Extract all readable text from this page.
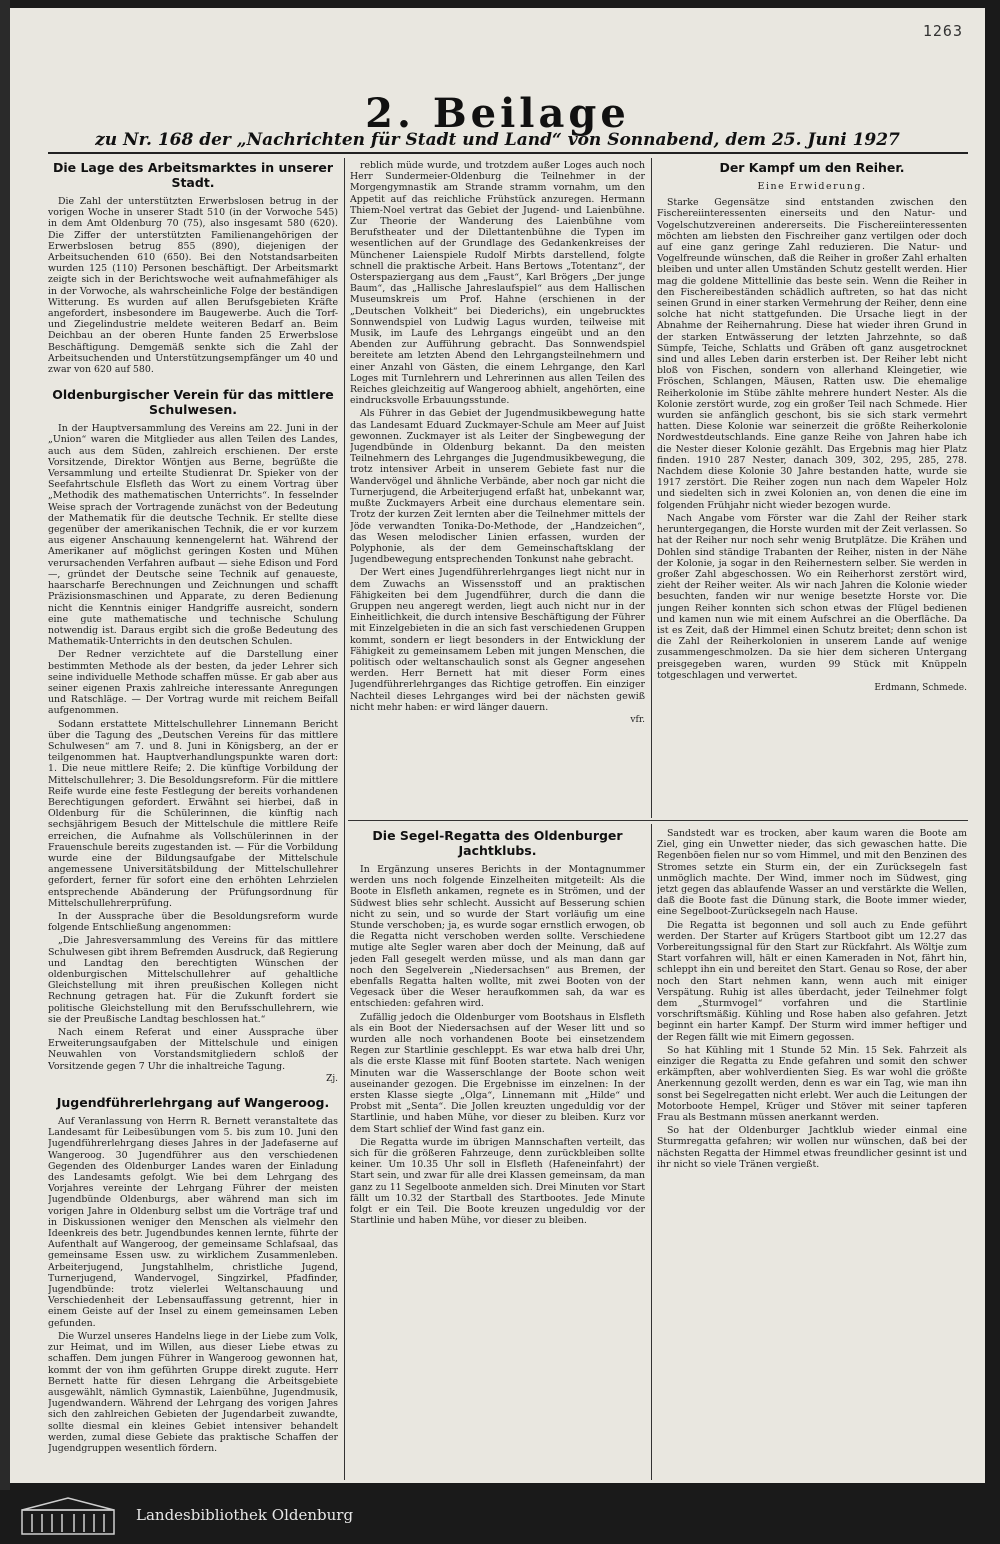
1263
2. Beilage
zu Nr. 168 der „Nachrichten für Stadt und Land“ von Sonnabend, dem 25. Juni 1927
Die Lage des Arbeitsmarktes in unserer Stadt.

Die Zahl der unterstützten Erwerbslosen betrug in der vorigen Woche in unserer Stadt 510 (in der Vorwoche 545) in dem Amt Oldenburg 70 (75), also insgesamt 580 (620). Die Ziffer der unterstützten Familienangehörigen der Erwerbslosen betrug 855 (890), diejenigen der Arbeitsuchenden 610 (650). Bei den Notstandsarbeiten wurden 125 (110) Personen beschäftigt. Der Arbeitsmarkt zeigte sich in der Berichtswoche weit aufnahmefähiger als in der Vorwoche, als wahrscheinliche Folge der beständigen Witterung. Es wurden auf allen Berufsgebieten Kräfte angefordert, insbesondere im Baugewerbe. Auch die Torf- und Ziegelindustrie meldete weiteren Bedarf an. Beim Deichbau an der oberen Hunte fanden 25 Erwerbslose Beschäftigung. Demgemäß senkte sich die Zahl der Arbeitsuchenden und Unterstützungsempfänger um 40 und zwar von 620 auf 580.

Oldenburgischer Verein für das mittlere Schulwesen.

In der Hauptversammlung des Vereins am 22. Juni in der „Union“ waren die Mitglieder aus allen Teilen des Landes, auch aus dem Süden, zahlreich erschienen. Der erste Vorsitzende, Direktor Wöntjen aus Berne, begrüßte die Versammlung und erteilte Studienrat Dr. Spieker von der Seefahrtschule Elsfleth das Wort zu einem Vortrag über „Methodik des mathematischen Unterrichts“. In fesselnder Weise sprach der Vortragende zunächst von der Bedeutung der Mathematik für die deutsche Technik. Er stellte diese gegenüber der amerikanischen Technik, die er vor kurzem aus eigener Anschauung kennengelernt hat. Während der Amerikaner auf möglichst geringen Kosten und Mühen verursachenden Verfahren aufbaut — siehe Edison und Ford —, gründet der Deutsche seine Technik auf genaueste, haarscharfe Berechnungen und Zeichnungen und schafft Präzisionsmaschinen und Apparate, zu deren Bedienung nicht die Kenntnis einiger Handgriffe ausreicht, sondern eine gute mathematische und technische Schulung notwendig ist. Daraus ergibt sich die große Bedeutung des Mathematik-Unterrichts in den deutschen Schulen.

Der Redner verzichtete auf die Darstellung einer bestimmten Methode als der besten, da jeder Lehrer sich seine individuelle Methode schaffen müsse. Er gab aber aus seiner eigenen Praxis zahlreiche interessante Anregungen und Ratschläge. — Der Vortrag wurde mit reichem Beifall aufgenommen.

Sodann erstattete Mittelschullehrer Linnemann Bericht über die Tagung des „Deutschen Vereins für das mittlere Schulwesen“ am 7. und 8. Juni in Königsberg, an der er teilgenommen hat. Hauptverhandlungspunkte waren dort: 1. Die neue mittlere Reife; 2. Die künftige Vorbildung der Mittelschullehrer; 3. Die Besoldungsreform. Für die mittlere Reife wurde eine feste Festlegung der bereits vorhandenen Berechtigungen gefordert. Erwähnt sei hierbei, daß in Oldenburg für die Schülerinnen, die künftig nach sechsjährigem Besuch der Mittelschule die mittlere Reife erreichen, die Aufnahme als Vollschülerinnen in der Frauenschule bereits zugestanden ist. — Für die Vorbildung wurde eine der Bildungsaufgabe der Mittelschule angemessene Universitätsbildung der Mittelschullehrer gefordert, ferner für sofort eine den erhöhten Lehrzielen entsprechende Abänderung der Prüfungsordnung für Mittelschullehrerprüfung.

In der Aussprache über die Besoldungsreform wurde folgende Entschließung angenommen:

„Die Jahresversammlung des Vereins für das mittlere Schulwesen gibt ihrem Befremden Ausdruck, daß Regierung und Landtag den berechtigten Wünschen der oldenburgischen Mittelschullehrer auf gehaltliche Gleichstellung mit ihren preußischen Kollegen nicht Rechnung getragen hat. Für die Zukunft fordert sie politische Gleichstellung mit den Berufsschullehrern, wie sie der Preußische Landtag beschlossen hat.“

Nach einem Referat und einer Aussprache über Erweiterungsaufgaben der Mittelschule und einigen Neuwahlen von Vorstandsmitgliedern schloß der Vorsitzende gegen 7 Uhr die inhaltreiche Tagung.

Zj.
Jugendführerlehrgang auf Wangeroog.

Auf Veranlassung von Herrn R. Bernett veranstaltete das Landesamt für Leibesübungen vom 5. bis zum 10. Juni den Jugendführerlehrgang dieses Jahres in der Jadefaserne auf Wangeroog. 30 Jugendführer aus den verschiedenen Gegenden des Oldenburger Landes waren der Einladung des Landesamts gefolgt. Wie bei dem Lehrgang des Vorjahres vereinte der Lehrgang Führer der meisten Jugendbünde Oldenburgs, aber während man sich im vorigen Jahre in Oldenburg selbst um die Vorträge traf und in Diskussionen weniger den Menschen als vielmehr den Ideenkreis des betr. Jugendbundes kennen lernte, führte der Aufenthalt auf Wangeroog, der gemeinsame Schlafsaal, das gemeinsame Essen usw. zu wirklichem Zusammenleben. Arbeiterjugend, Jungstahlhelm, christliche Jugend, Turnerjugend, Wandervogel, Singzirkel, Pfadfinder, Jugendbünde: trotz vielerlei Weltanschauung und Verschiedenheit der Lebensauffassung getrennt, hier in einem Geiste auf der Insel zu einem gemeinsamen Leben gefunden.

Die Wurzel unseres Handelns liege in der Liebe zum Volk, zur Heimat, und im Willen, aus dieser Liebe etwas zu schaffen. Dem jungen Führer in Wangeroog gewonnen hat, kommt der von ihm geführten Gruppe direkt zugute. Herr Bernett hatte für diesen Lehrgang die Arbeitsgebiete ausgewählt, nämlich Gymnastik, Laienbühne, Jugendmusik, Jugendwandern. Während der Lehrgang des vorigen Jahres sich den zahlreichen Gebieten der Jugendarbeit zuwandte, sollte diesmal ein kleines Gebiet intensiver behandelt werden, zumal diese Gebiete das praktische Schaffen der Jugendgruppen wesentlich fördern.

reblich müde wurde, und trotzdem außer Loges auch noch Herr Sundermeier-Oldenburg die Teilnehmer in der Morgengymnastik am Strande stramm vornahm, um den Appetit auf das reichliche Frühstück anzuregen. Hermann Thiem-Noel vertrat das Gebiet der Jugend- und Laienbühne. Zur Theorie der Wanderung des Laienbühne vom Berufstheater und der Dilettantenbühne die Typen im wesentlichen auf der Grundlage des Gedankenkreises der Münchener Laienspiele Rudolf Mirbts darstellend, folgte schnell die praktische Arbeit. Hans Bertows „Totentanz“, der Osterspaziergang aus dem „Faust“, Karl Brögers „Der junge Baum“, das „Hallische Jahreslaufspiel“ aus dem Hallischen Museumskreis um Prof. Hahne (erschienen in der „Deutschen Volkheit“ bei Diederichs), ein ungebrucktes Sonnwendspiel von Ludwig Lagus wurden, teilweise mit Musik, im Laufe des Lehrgangs eingeübt und an den Abenden zur Aufführung gebracht. Das Sonnwendspiel bereitete am letzten Abend den Lehrgangsteilnehmern und einer Anzahl von Gästen, die einem Lehrgange, den Karl Loges mit Turnlehrern und Lehrerinnen aus allen Teilen des Reiches gleichzeitig auf Wangeroog abhielt, angehörten, eine eindrucksvolle Erbauungsstunde.

Als Führer in das Gebiet der Jugendmusikbewegung hatte das Landesamt Eduard Zuckmayer-Schule am Meer auf Juist gewonnen. Zuckmayer ist als Leiter der Singbewegung der Jugendbünde in Oldenburg bekannt. Da den meisten Teilnehmern des Lehrganges die Jugendmusikbewegung, die trotz intensiver Arbeit in unserem Gebiete fast nur die Wandervögel und ähnliche Verbände, aber noch gar nicht die Turnerjugend, die Arbeiterjugend erfaßt hat, unbekannt war, mußte Zuckmayers Arbeit eine durchaus elementare sein. Trotz der kurzen Zeit lernten aber die Teilnehmer mittels der Jöde verwandten Tonika-Do-Methode, der „Handzeichen“, das Wesen melodischer Linien erfassen, wurden der Polyphonie, als der dem Gemeinschaftsklang der Jugendbewegung entsprechenden Tonkunst nahe gebracht.

Der Wert eines Jugendführerlehrganges liegt nicht nur in dem Zuwachs an Wissensstoff und an praktischen Fähigkeiten bei dem Jugendführer, durch die dann die Gruppen neu angeregt werden, liegt auch nicht nur in der Einheitlichkeit, die durch intensive Beschäftigung der Führer mit Einzelgebieten in die an sich fast verschiedenen Gruppen kommt, sondern er liegt besonders in der Entwicklung der Fähigkeit zu gemeinsamem Leben mit jungen Menschen, die politisch oder weltanschaulich sonst als Gegner angesehen werden. Herr Bernett hat mit dieser Form eines Jugendführerlehrganges das Richtige getroffen. Ein einziger Nachteil dieses Lehrganges wird bei der nächsten gewiß nicht mehr haben: er wird länger dauern.

vfr.
Der Kampf um den Reiher.
Eine Erwiderung.

Starke Gegensätze sind entstanden zwischen den Fischereiinteressenten einerseits und den Natur- und Vogelschutzvereinen andererseits. Die Fischereiinteressenten möchten am liebsten den Fischreiher ganz vertilgen oder doch auf eine ganz geringe Zahl reduzieren. Die Natur- und Vogelfreunde wünschen, daß die Reiher in großer Zahl erhalten bleiben und unter allen Umständen Schutz gestellt werden. Hier mag die goldene Mittellinie das beste sein. Wenn die Reiher in den Fischereibeständen schädlich auftreten, so hat das nicht seinen Grund in einer starken Vermehrung der Reiher, denn eine solche hat nicht stattgefunden. Die Ursache liegt in der Abnahme der Reihernahrung. Diese hat wieder ihren Grund in der starken Entwässerung der letzten Jahrzehnte, so daß Sümpfe, Teiche, Schlatts und Gräben oft ganz ausgetrocknet sind und alles Leben darin ersterben ist. Der Reiher lebt nicht bloß von Fischen, sondern von allerhand Kleingetier, wie Fröschen, Schlangen, Mäusen, Ratten usw. Die ehemalige Reiherkolonie im Stübe zählte mehrere hundert Nester. Als die Kolonie zerstört wurde, zog ein großer Teil nach Schmede. Hier wurden sie anfänglich geschont, bis sie sich stark vermehrt hatten. Diese Kolonie war seinerzeit die größte Reiherkolonie Nordwestdeutschlands. Eine ganze Reihe von Jahren habe ich die Nester dieser Kolonie gezählt. Das Ergebnis mag hier Platz finden. 1910 287 Nester, danach 309, 302, 295, 285, 278. Nachdem diese Kolonie 30 Jahre bestanden hatte, wurde sie 1917 zerstört. Die Reiher zogen nun nach dem Wapeler Holz und siedelten sich in zwei Kolonien an, von denen die eine im folgenden Frühjahr nicht wieder bezogen wurde.

Nach Angabe vom Förster war die Zahl der Reiher stark heruntergegangen, die Horste wurden mit der Zeit verlassen. So hat der Reiher nur noch sehr wenig Brutplätze. Die Krähen und Dohlen sind ständige Trabanten der Reiher, nisten in der Nähe der Kolonie, ja sogar in den Reihernestern selber. Sie werden in großer Zahl abgeschossen. Wo ein Reiherhorst zerstört wird, zieht der Reiher weiter. Als wir nach Jahren die Kolonie wieder besuchten, fanden wir nur wenige besetzte Horste vor. Die jungen Reiher konnten sich schon etwas der Flügel bedienen und kamen nun wie mit einem Aufschrei an die Oberfläche. Da ist es Zeit, daß der Himmel einen Schutz breitet; denn schon ist die Zahl der Reiherkolonien in unserem Lande auf wenige zusammengeschmolzen. Da sie hier dem sicheren Untergang preisgegeben waren, wurden 99 Stück mit Knüppeln totgeschlagen und verwertet.

Erdmann, Schmede.
Die Segel-Regatta des Oldenburger Jachtklubs.

In Ergänzung unseres Berichts in der Montagnummer werden uns noch folgende Einzelheiten mitgeteilt: Als die Boote in Elsfleth ankamen, regnete es in Strömen, und der Südwest blies sehr schlecht. Aussicht auf Besserung schien nicht zu sein, und so wurde der Start vorläufig um eine Stunde verschoben; ja, es wurde sogar ernstlich erwogen, ob die Regatta nicht verschoben werden sollte. Verschiedene mutige alte Segler waren aber doch der Meinung, daß auf jeden Fall gesegelt werden müsse, und als man dann gar noch den Segelverein „Niedersachsen“ aus Bremen, der ebenfalls Regatta halten wollte, mit zwei Booten von der Vegesack über die Weser heraufkommen sah, da war es entschieden: gefahren wird.

Zufällig jedoch die Oldenburger vom Bootshaus in Elsfleth als ein Boot der Niedersachsen auf der Weser litt und so wurden alle noch vorhandenen Boote bei einsetzendem Regen zur Startlinie geschleppt. Es war etwa halb drei Uhr, als die erste Klasse mit fünf Booten startete. Nach wenigen Minuten war die Wasserschlange der Boote schon weit auseinander gezogen. Die Ergebnisse im einzelnen: In der ersten Klasse siegte „Olga“, Linnemann mit „Hilde“ und Probst mit „Senta“. Die Jollen kreuzten ungeduldig vor der Startlinie, und haben Mühe, vor dieser zu bleiben. Kurz vor dem Start schlief der Wind fast ganz ein.

Die Regatta wurde im übrigen Mannschaften verteilt, das sich für die größeren Fahrzeuge, denn zurückbleiben sollte keiner. Um 10.35 Uhr soll in Elsfleth (Hafeneinfahrt) der Start sein, und zwar für alle drei Klassen gemeinsam, da man ganz zu 11 Segelboote anmelden sich. Drei Minuten vor Start fällt um 10.32 der Startball des Startbootes. Jede Minute folgt er ein Teil. Die Boote kreuzen ungeduldig vor der Startlinie und haben Mühe, vor dieser zu bleiben.

Sandstedt war es trocken, aber kaum waren die Boote am Ziel, ging ein Unwetter nieder, das sich gewaschen hatte. Die Regenböen fielen nur so vom Himmel, und mit den Benzinen des Stromes setzte ein Sturm ein, der ein Zurücksegeln fast unmöglich machte. Der Wind, immer noch im Südwest, ging jetzt gegen das ablaufende Wasser an und verstärkte die Wellen, daß die Boote fast die Dünung stark, die Boote immer wieder, eine Segelboot-Zurücksegeln nach Hause.

Die Regatta ist begonnen und soll auch zu Ende geführt werden. Der Starter auf Krügers Startboot gibt um 12.27 das Vorbereitungssignal für den Start zur Rückfahrt. Als Wöltje zum Start vorfahren will, hält er einen Kameraden in Not, fährt hin, schleppt ihn ein und bereitet den Start. Genau so Rose, der aber noch den Start nehmen kann, wenn auch mit einiger Verspätung. Ruhig ist alles überdacht, jeder Teilnehmer folgt dem „Sturmvogel“ vorfahren und die Startlinie vorschriftsmäßig. Kühling und Rose haben also gefahren. Jetzt beginnt ein harter Kampf. Der Sturm wird immer heftiger und der Regen fällt wie mit Eimern gegossen.

So hat Kühling mit 1 Stunde 52 Min. 15 Sek. Fahrzeit als einziger die Regatta zu Ende gefahren und somit den schwer erkämpften, aber wohlverdienten Sieg. Es war wohl die größte Anerkennung gezollt werden, denn es war ein Tag, wie man ihn sonst bei Segelregatten nicht erlebt. Wer auch die Leitungen der Motorboote Hempel, Krüger und Stöver mit seiner tapferen Frau als Bestmann müssen anerkannt werden.

So hat der Oldenburger Jachtklub wieder einmal eine Sturmregatta gefahren; wir wollen nur wünschen, daß bei der nächsten Regatta der Himmel etwas freundlicher gesinnt ist und ihr nicht so viele Tränen vergießt.

Landesbibliothek Oldenburg
